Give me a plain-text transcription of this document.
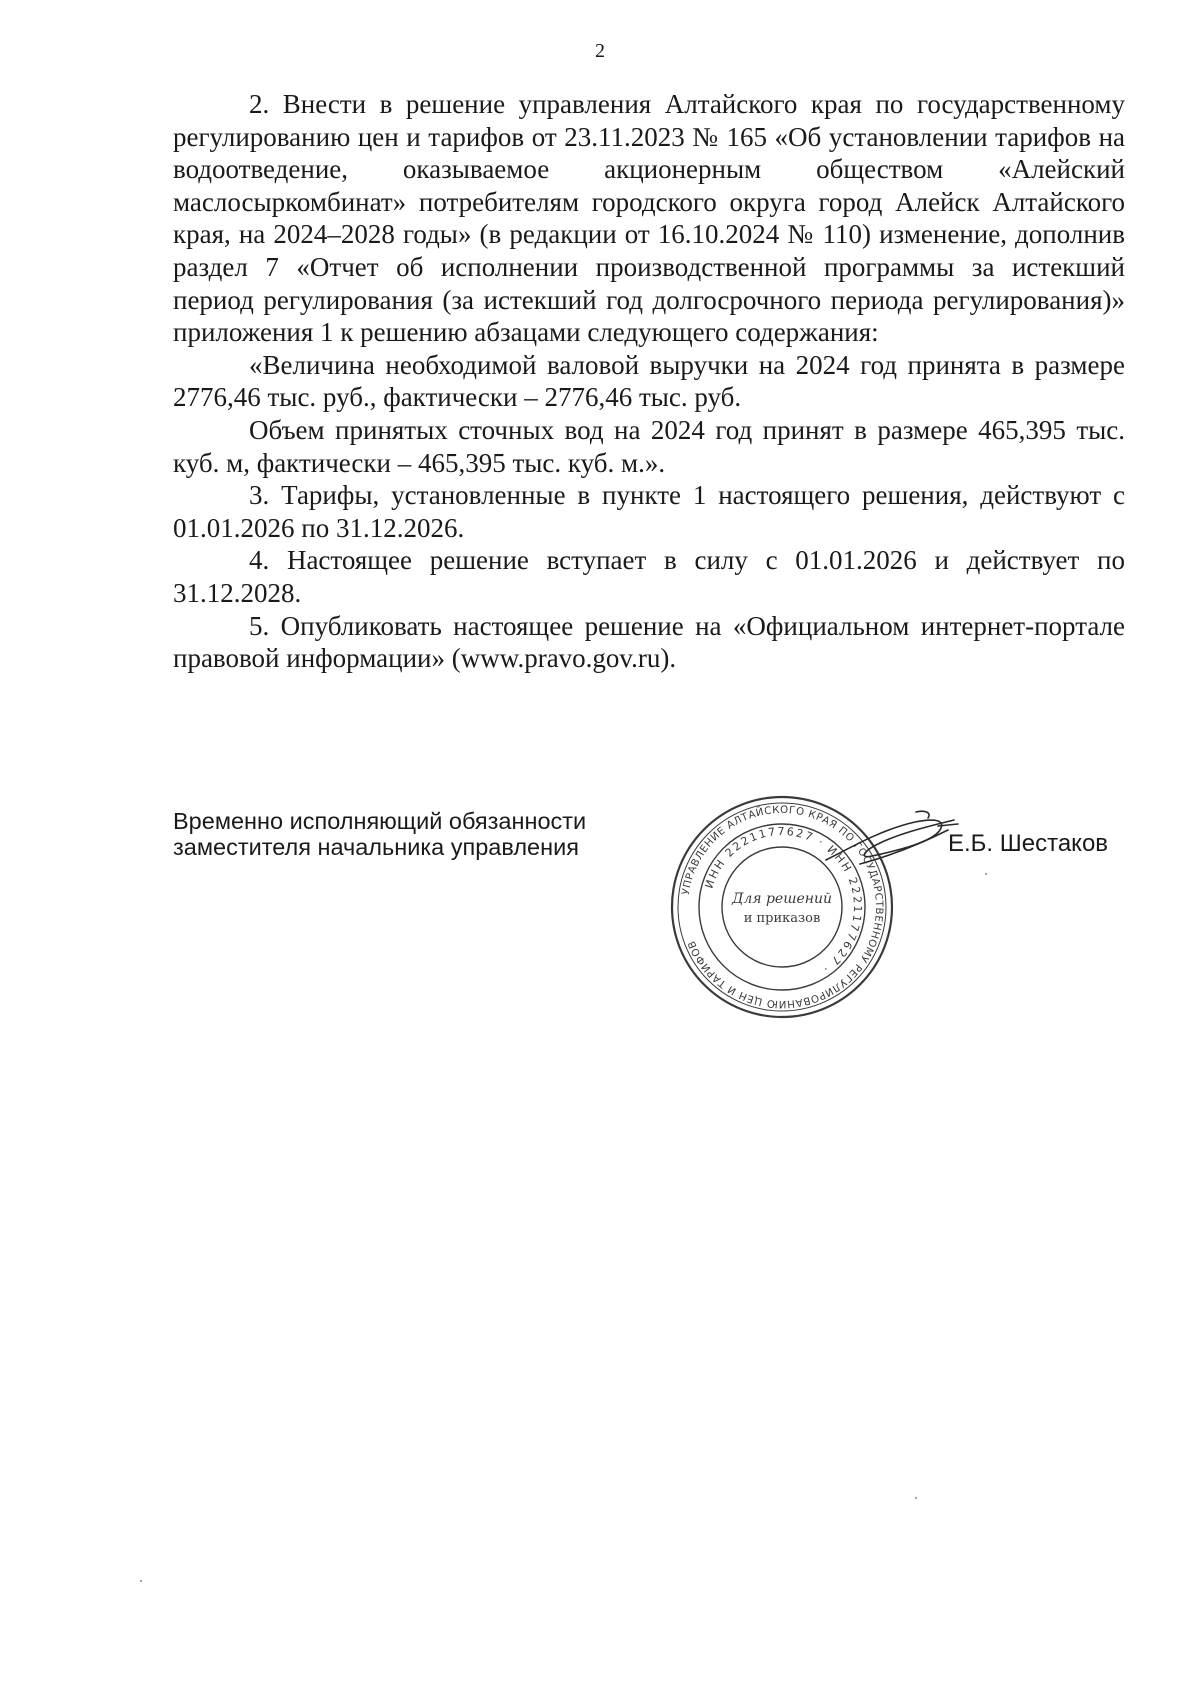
2

2. Внести в решение управления Алтайского края по государственному регулированию цен и тарифов от 23.11.2023 № 165 «Об установлении тарифов на водоотведение, оказываемое акционерным обществом «Алейский маслосыркомбинат» потребителям городского округа город Алейск Алтайского края, на 2024–2028 годы» (в редакции от 16.10.2024 № 110) изменение, дополнив раздел 7 «Отчет об исполнении производственной программы за истекший период регулирования (за истекший год долгосрочного периода регулирования)» приложения 1 к решению абзацами следующего содержания:

«Величина необходимой валовой выручки на 2024 год принята в размере 2776,46 тыс. руб., фактически – 2776,46 тыс. руб.

Объем принятых сточных вод на 2024 год принят в размере 465,395 тыс. куб. м, фактически – 465,395 тыс. куб. м.».

3. Тарифы, установленные в пункте 1 настоящего решения, действуют с 01.01.2026 по 31.12.2026.

4. Настоящее решение вступает в силу с 01.01.2026 и действует по 31.12.2028.

5. Опубликовать настоящее решение на «Официальном интернет-портале правовой информации» (www.pravo.gov.ru).

Временно исполняющий обязанности
заместителя начальника управления
УПРАВЛЕНИЕ АЛТАЙСКОГО КРАЯ ПО ГОСУДАРСТВЕННОМУ РЕГУЛИРОВАНИЮ ЦЕН И ТАРИФОВ
ИНН 2221177627 · ИНН 2221177627 ·
Для решений
и приказов
Е.Б. Шестаков
